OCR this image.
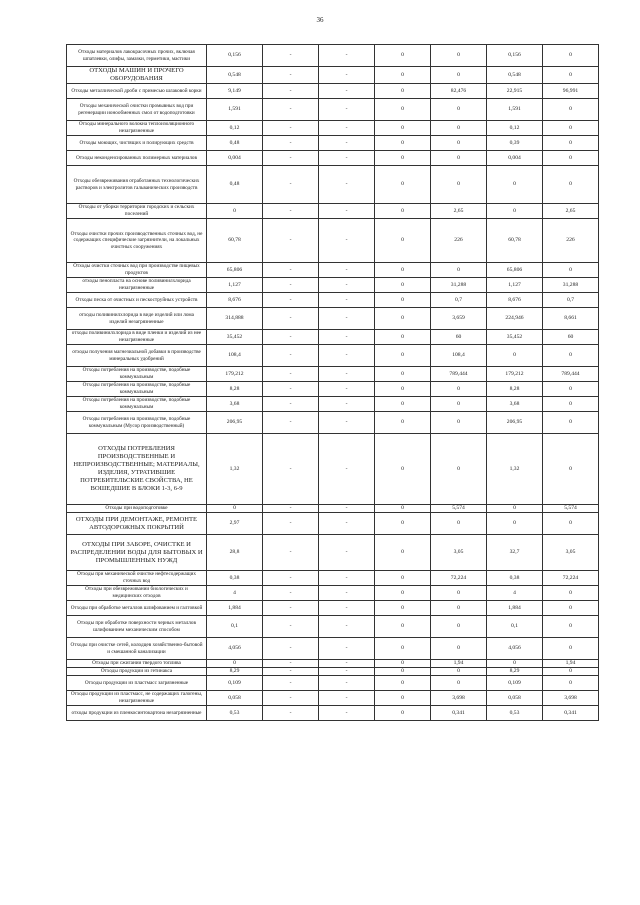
36
Отходы материалов лакокрасочных прочих, включая шпатлевки, олифы, замазки, герметики, мастики	0,156	-	-	0	0	0,156	0
ОТХОДЫ МАШИН И ПРОЧЕГО ОБОРУДОВАНИЯ	0,548	-	-	0	0	0,548	0
Отходы металлической дроби с примесью шлаковой корки	9,149	-	-	0	82,476	22,915	96,991
Отходы механической очистки промывных вод при регенерации ионообменных смол от водоподготовки	1,591	-	-	0	0	1,591	0
Отходы минерального волокна теплоизоляционного незагрязненные	0,12	-	-	0	0	0,12	0
Отходы моющих, чистящих и полирующих средств	0,48	-	-	0	0	0,39	0
Отходы неконденсированных полимерных материалов	0,004	-	-	0	0	0,004	0
Отходы обезвреживания отработанных технологических растворов и электролитов гальванических производств	0,48	-	-	0	0	0	0
Отходы от уборки территории городских и сельских поселений	0	-	-	0	2,65	0	2,65
Отходы очистки прочих производственных сточных вод, не содержащих специфические загрязнители, на локальных очистных сооружениях	60,78	-	-	0	226	60,78	226
Отходы очистки сточных вод при производстве пищевых продуктов	65,806	-	-	0	0	65,806	0
отходы пенопласта на основе поливинилхлорида незагрязненные	1,127	-	-	0	31,288	1,127	31,288
Отходы песка от очистных и пескоструйных устройств	8,676	-	-	0	0,7	8,676	0,7
отходы поливинилхлорида в виде изделий или лома изделий незагрязненные	314,888	-	-	0	3,659	224,946	8,661
отходы поливинилхлорида в виде пленки и изделий из нее незагрязненные	35,452	-	-	0	60	35,452	60
отходы получения магнезиальной добавки в производстве минеральных удобрений	108,4	-	-	0	108,4	0	0
Отходы потребления на производстве, подобные коммунальным	179,212	-	-	0	789,444	179,212	789,444
Отходы потребления на производстве, подобные коммунальным	8,28	-	-	0	0	8,28	0
Отходы потребления на производстве, подобные коммунальным	3,68	-	-	0	0	3,68	0
Отходы потребления на производстве, подобные коммунальным (Мусор производственный)	206,95	-	-	0	0	206,95	0
ОТХОДЫ ПОТРЕБЛЕНИЯ ПРОИЗВОДСТВЕННЫЕ И НЕПРОИЗВОДСТВЕННЫЕ; МАТЕРИАЛЫ, ИЗДЕЛИЯ, УТРАТИВШИЕ ПОТРЕБИТЕЛЬСКИЕ СВОЙСТВА, НЕ ВОШЕДШИЕ В БЛОКИ 1-3, 6-9	1,32	-	-	0	0	1,32	0
Отходы при водоподготовке	0	-	-	0	5,574	0	5,574
ОТХОДЫ ПРИ ДЕМОНТАЖЕ, РЕМОНТЕ АВТОДОРОЖНЫХ ПОКРЫТИЙ	2,97	-	-	0	0	0	0
ОТХОДЫ ПРИ ЗАБОРЕ, ОЧИСТКЕ И РАСПРЕДЕЛЕНИИ ВОДЫ ДЛЯ БЫТОВЫХ И ПРОМЫШЛЕННЫХ НУЖД	28,8	-	-	0	3,05	32,7	3,05
Отходы при механической очистке нефтесодержащих сточных вод	0,38	-	-	0	72,224	0,38	72,224
Отходы при обезвреживании биологических и медицинских отходов	4	-	-	0	0	4	0
Отходы при обработке металлов шлифованием и галтовкой	1,884	-	-	0	0	1,884	0
Отходы при обработке поверхности черных металлов шлифованием механическим способом	0,1	-	-	0	0	0,1	0
Отходы при очистке сетей, колодцев хозяйственно-бытовой и смешанной канализации	4,056	-	-	0	0	4,056	0
Отходы при сжигании твердого топлива	0	-	-	0	1,94	0	1,94
Отходы продукции из гетинакса	8,29	-	-	0	0	8,29	0
Отходы продукции из пластмасс загрязненные	0,109	-	-	0	0	0,109	0
Отходы продукции из пластмасс, не содержащих галогены, незагрязненные	0,058	-	-	0	3,698	0,058	3,698
отходы продукции из пленкосинтокартона незагрязненные	0,53	-	-	0	0,341	0,53	0,341
